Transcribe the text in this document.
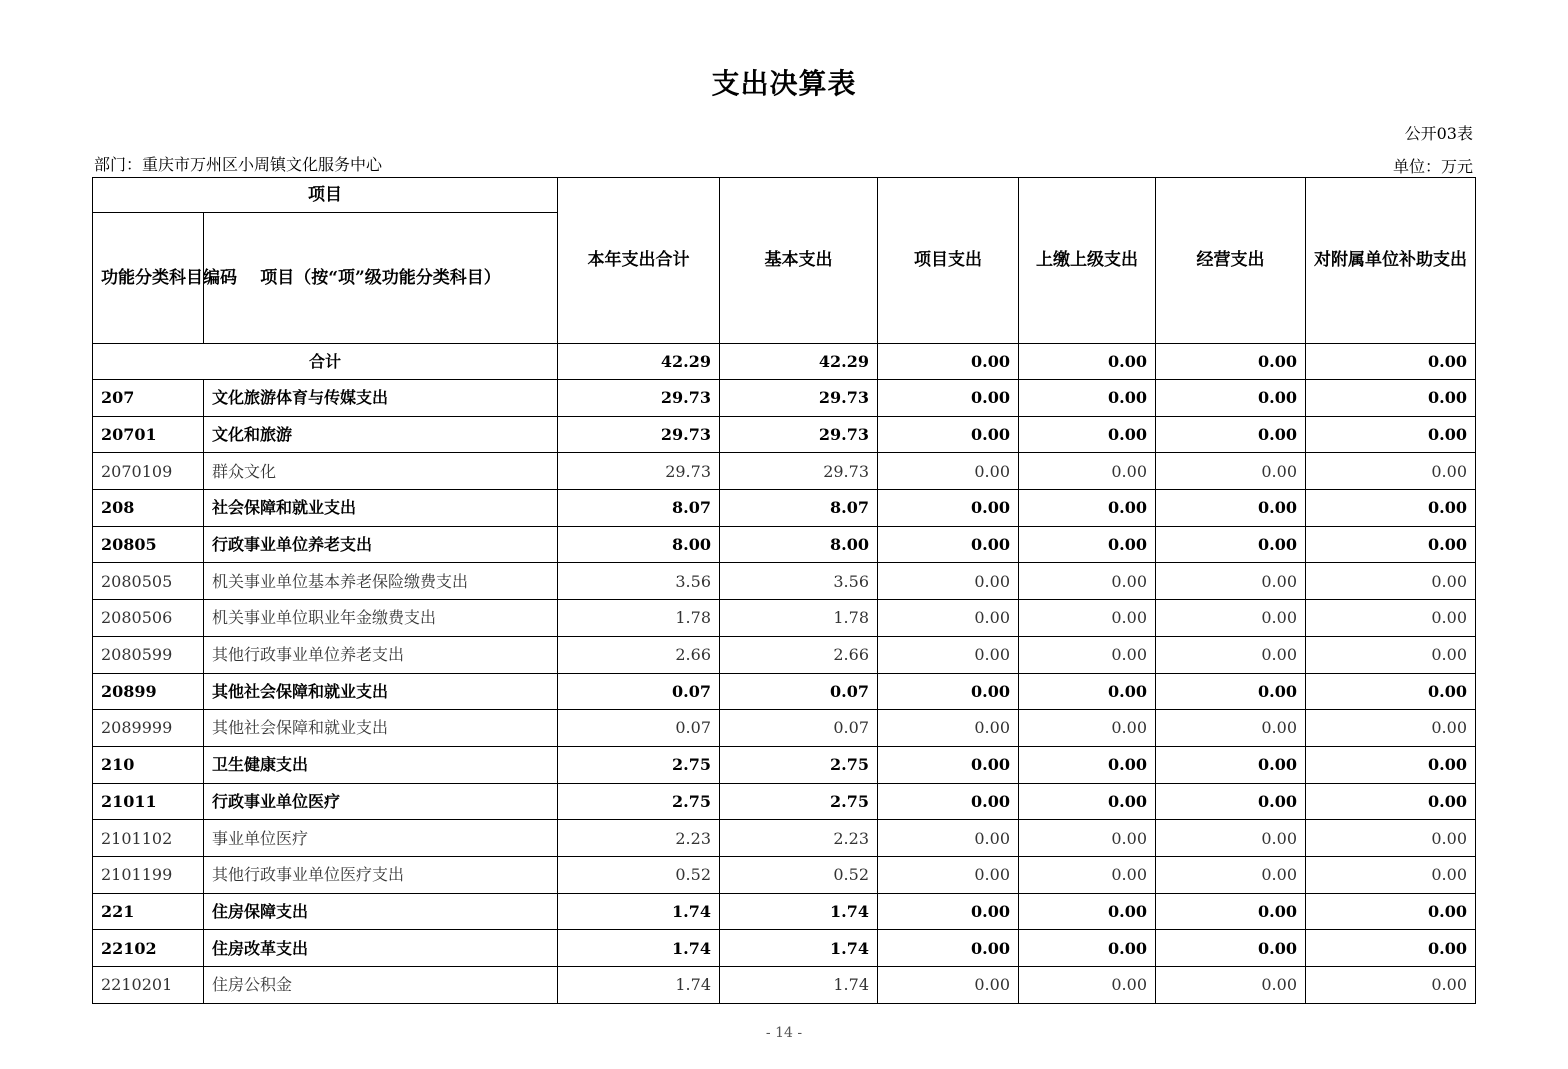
支出决算表
公开03表
部门：重庆市万州区小周镇文化服务中心	单位：万元
项目		本年支出合计	基本支出	项目支出	上缴上级支出	经营支出	对附属单位补助支出
功能分类科目编码	项目（按“项”级功能分类科目）						
合计		42.29	42.29	0.00	0.00	0.00	0.00
207	文化旅游体育与传媒支出	29.73	29.73	0.00	0.00	0.00	0.00
20701	文化和旅游	29.73	29.73	0.00	0.00	0.00	0.00
2070109	群众文化	29.73	29.73	0.00	0.00	0.00	0.00
208	社会保障和就业支出	8.07	8.07	0.00	0.00	0.00	0.00
20805	行政事业单位养老支出	8.00	8.00	0.00	0.00	0.00	0.00
2080505	机关事业单位基本养老保险缴费支出	3.56	3.56	0.00	0.00	0.00	0.00
2080506	机关事业单位职业年金缴费支出	1.78	1.78	0.00	0.00	0.00	0.00
2080599	其他行政事业单位养老支出	2.66	2.66	0.00	0.00	0.00	0.00
20899	其他社会保障和就业支出	0.07	0.07	0.00	0.00	0.00	0.00
2089999	其他社会保障和就业支出	0.07	0.07	0.00	0.00	0.00	0.00
210	卫生健康支出	2.75	2.75	0.00	0.00	0.00	0.00
21011	行政事业单位医疗	2.75	2.75	0.00	0.00	0.00	0.00
2101102	事业单位医疗	2.23	2.23	0.00	0.00	0.00	0.00
2101199	其他行政事业单位医疗支出	0.52	0.52	0.00	0.00	0.00	0.00
221	住房保障支出	1.74	1.74	0.00	0.00	0.00	0.00
22102	住房改革支出	1.74	1.74	0.00	0.00	0.00	0.00
2210201	住房公积金	1.74	1.74	0.00	0.00	0.00	0.00
- 14 -
